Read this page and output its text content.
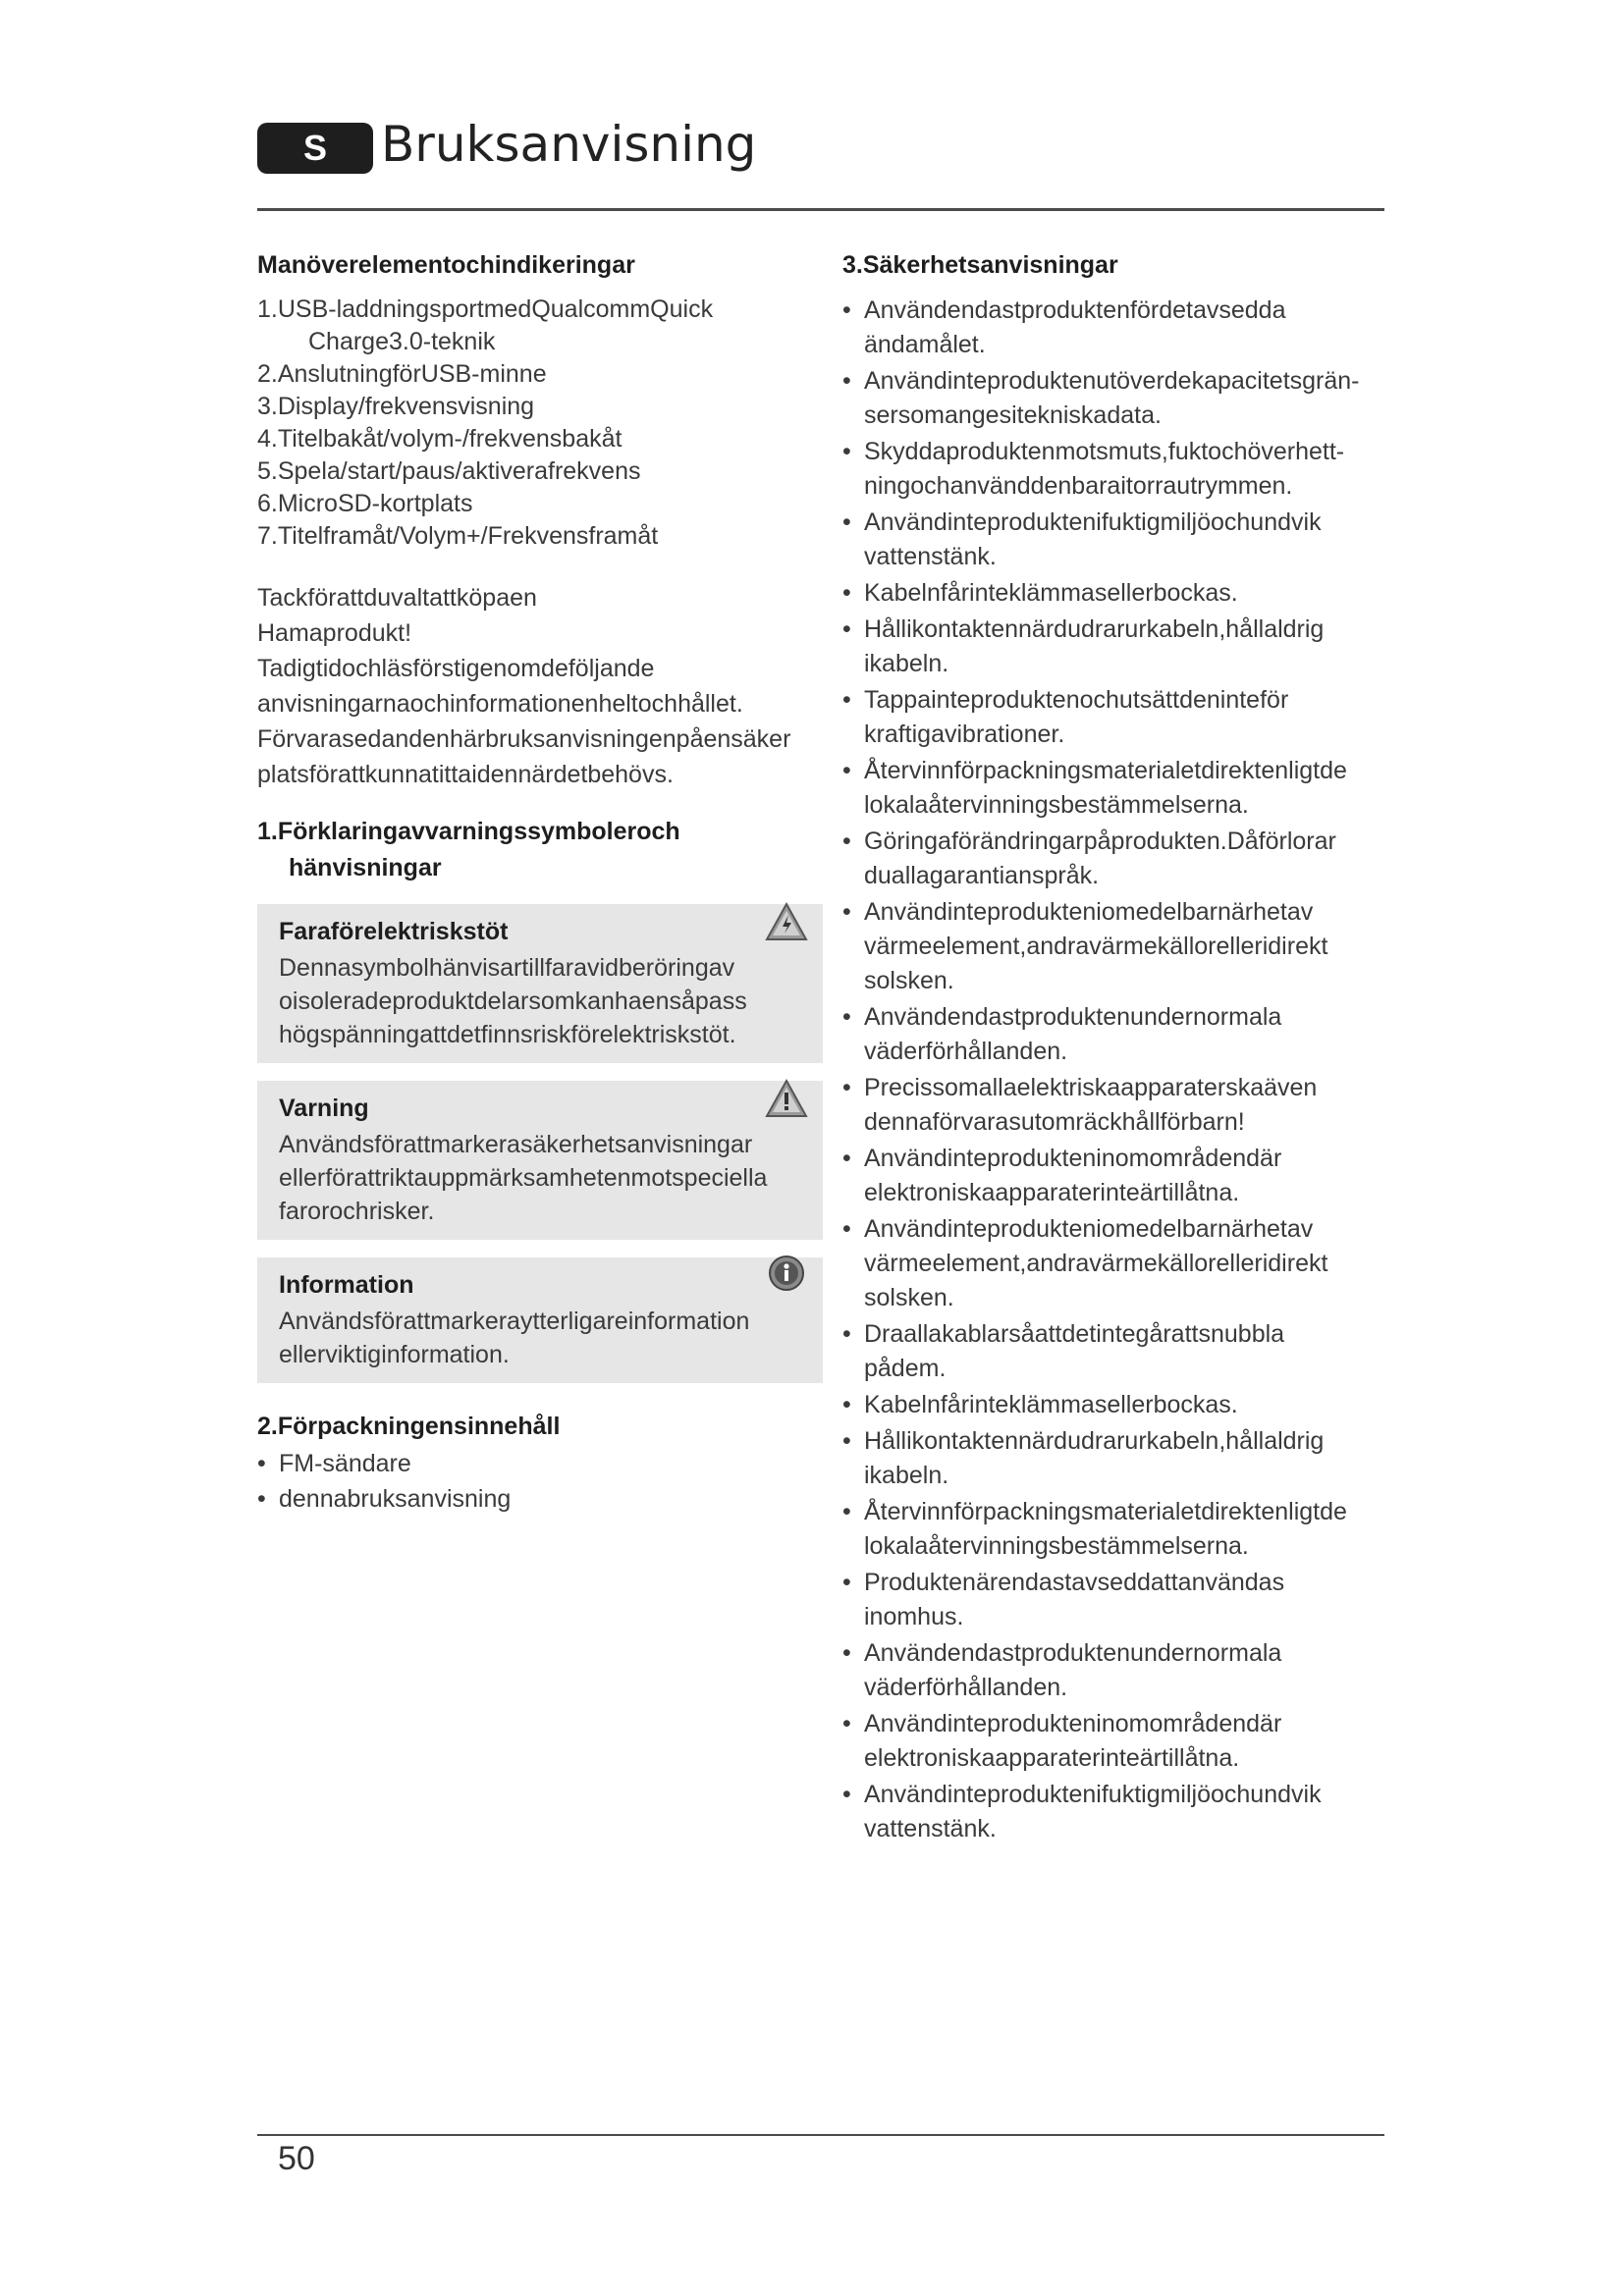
S	Bruksanvisning
Manöverelementochindikeringar
1.USB-laddningsportmedQualcommQuick
Charge3.0-teknik
2.AnslutningförUSB-minne
3.Display/frekvensvisning
4.Titelbakåt/volym-/frekvensbakåt
5.Spela/start/paus/aktiverafrekvens
6.MicroSD-kortplats
7.Titelframåt/Volym+/Frekvensframåt
Tackförattduvaltattköpaen
Hamaprodukt!
Tadigtidochläsförstigenomdeföljande
anvisningarnaochinformationenheltochhållet.
Förvarasedandenhärbruksanvisningenpåensäker
platsförattkunnatittaidennärdetbehövs.
1.Förklaringavvarningssymboleroch
hänvisningar
Faraförelektriskstöt
Dennasymbolhänvisartillfaravidberöringav
oisoleradeproduktdelarsomkanhaensåpass
högspänningattdetfinnsriskförelektriskstöt.
Varning
Användsförattmarkerasäkerhetsanvisningar
ellerförattriktauppmärksamhetenmotspeciella
farorochrisker.
Information
Användsförattmarkeraytterligareinformation
ellerviktiginformation.
2.Förpackningensinnehåll
• FM-sändare
• dennabruksanvisning
3.Säkerhetsanvisningar
• Användendastproduktenfördetavsedda
ändamålet.
• Användinteproduktenutöverdekapacitetsgrän-
sersomangesitekniskadata.
• Skyddaproduktenmotsmuts,fuktochöverhett-
ningochanvänddenbaraitorrautrymmen.
• Användinteproduktenifuktigmiljöochundvik
vattenstänk.
• Kabelnfårinteklämmasellerbockas.
• Hållikontaktennärdudrarurkabeln,hållaldrig
ikabeln.
• Tappainteproduktenochutsättdeninteför
kraftigavibrationer.
• Återvinnförpackningsmaterialetdirektenligtde
lokalaåtervinningsbestämmelserna.
• Göringaförändringarpåprodukten.Dåförlorar
duallagarantianspråk.
• Användinteprodukteniomedelbarnärhetav
värmeelement,andravärmekällorelleridirekt
solsken.
• Användendastproduktenundernormala
väderförhållanden.
• Precissomallaelektriskaapparaterskaäven
dennaförvarasutomräckhållförbarn!
• Användinteprodukteninomområdendär
elektroniskaapparaterinteärtillåtna.
• Användinteprodukteniomedelbarnärhetav
värmeelement,andravärmekällorelleridirekt
solsken.
• Draallakablarsåattdetintegårattsnubbla
pådem.
• Kabelnfårinteklämmasellerbockas.
• Hållikontaktennärdudrarurkabeln,hållaldrig
ikabeln.
• Återvinnförpackningsmaterialetdirektenligtde
lokalaåtervinningsbestämmelserna.
• Produktenärendastavseddattanvändas
inomhus.
• Användendastproduktenundernormala
väderförhållanden.
• Användinteprodukteninomområdendär
elektroniskaapparaterinteärtillåtna.
• Användinteproduktenifuktigmiljöochundvik
vattenstänk.
50
